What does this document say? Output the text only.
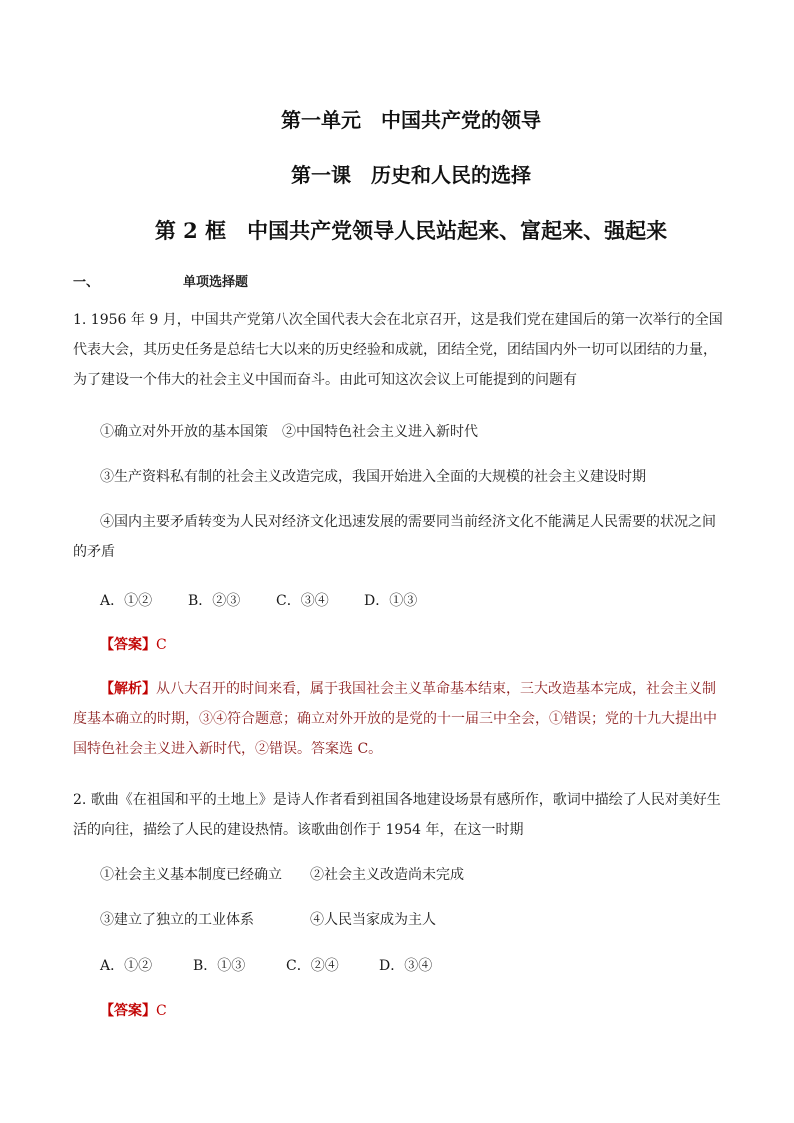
第一单元　中国共产党的领导
第一课　历史和人民的选择
第 2 框　中国共产党领导人民站起来、富起来、强起来
一、	单项选择题

1. 1956 年 9 月，中国共产党第八次全国代表大会在北京召开，这是我们党在建国后的第一次举行的全国代表大会，其历史任务是总结七大以来的历史经验和成就，团结全党，团结国内外一切可以团结的力量，为了建设一个伟大的社会主义中国而奋斗。由此可知这次会议上可能提到的问题有

①确立对外开放的基本国策　②中国特色社会主义进入新时代
③生产资料私有制的社会主义改造完成，我国开始进入全面的大规模的社会主义建设时期

④国内主要矛盾转变为人民对经济文化迅速发展的需要同当前经济文化不能满足人民需要的状况之间的矛盾

A．①②	B．②③	C．③④	D．①③
【答案】C

【解析】从八大召开的时间来看，属于我国社会主义革命基本结束，三大改造基本完成，社会主义制度基本确立的时期，③④符合题意；确立对外开放的是党的十一届三中全会，①错误；党的十九大提出中国特色社会主义进入新时代，②错误。答案选 C。

2. 歌曲《在祖国和平的土地上》是诗人作者看到祖国各地建设场景有感所作，歌词中描绘了人民对美好生活的向往，描绘了人民的建设热情。该歌曲创作于 1954 年，在这一时期

①社会主义基本制度已经确立　　②社会主义改造尚未完成
③建立了独立的工业体系　　　　④人民当家成为主人
A．①②	B．①③	C．②④	D．③④
【答案】C
